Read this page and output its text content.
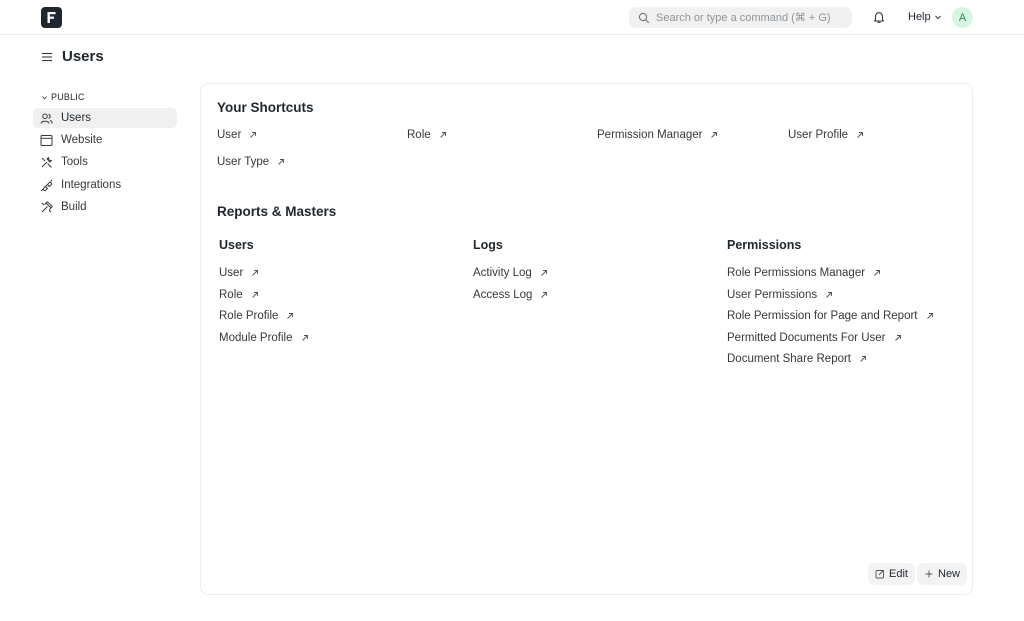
Search or type a command (⌘ + G)	Help	A
Users
PUBLIC
Users
Website
Tools
Integrations
Build
Your Shortcuts
User	Role	Permission Manager	User Profile
User Type
Reports & Masters
Users
User
Role
Role Profile
Module Profile
Logs
Activity Log
Access Log
Permissions
Role Permissions Manager
User Permissions
Role Permission for Page and Report
Permitted Documents For User
Document Share Report
Edit	New
